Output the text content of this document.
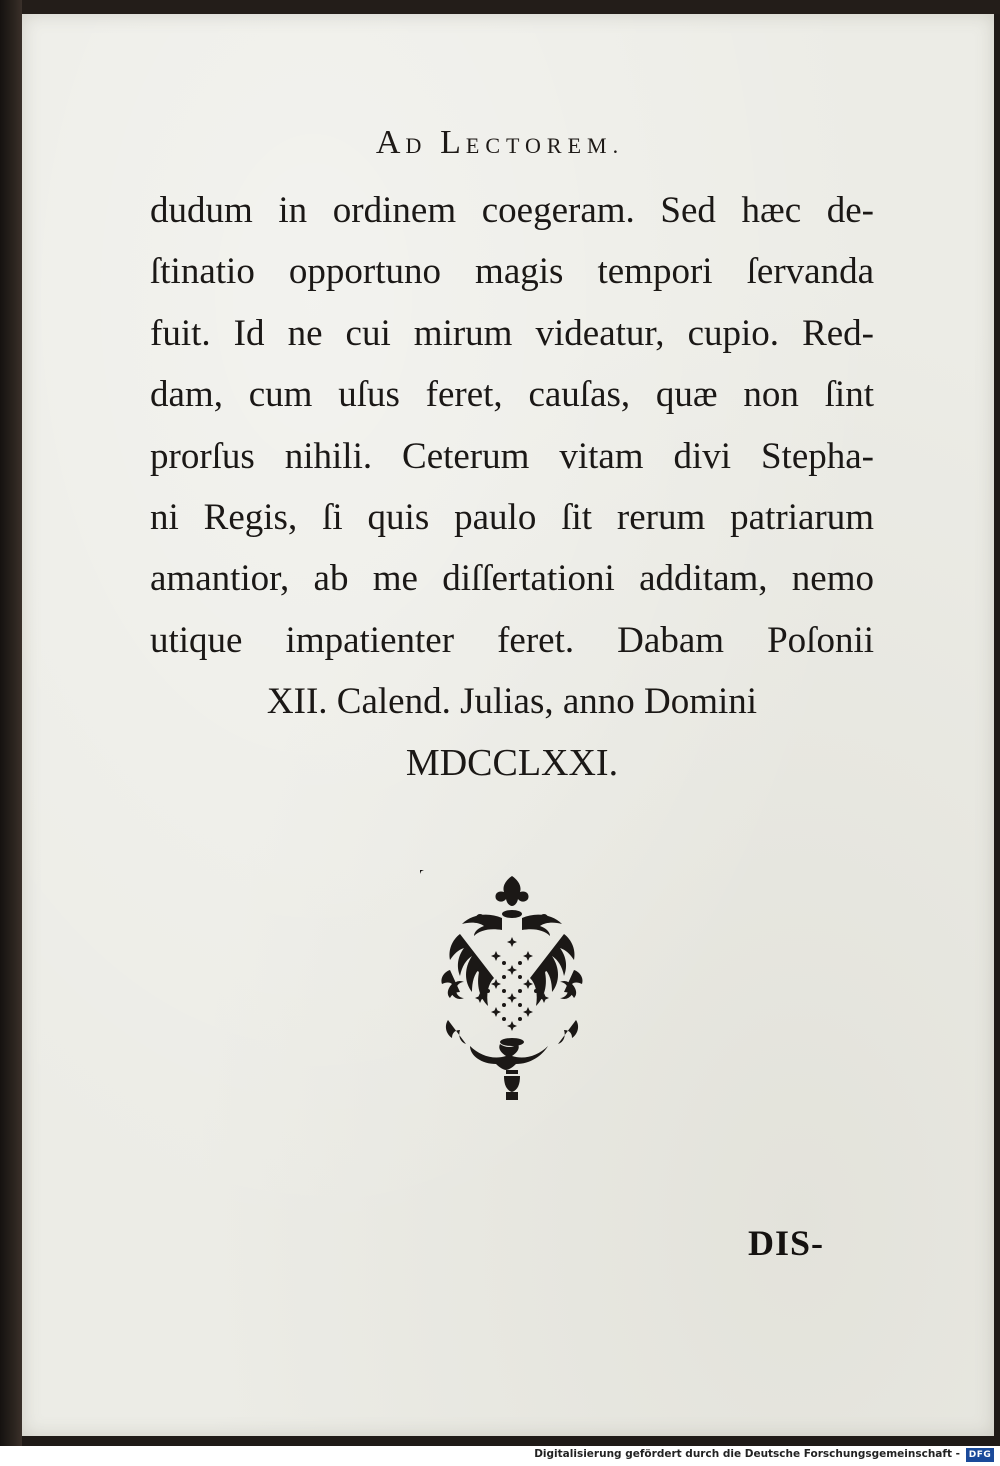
AD LECTOREM.
dudum in ordinem coegeram. Sed hæc de-
ſtinatio opportuno magis tempori ſervanda
fuit. Id ne cui mirum videatur, cupio. Red-
dam, cum uſus feret, cauſas, quæ non ſint
prorſus nihili. Ceterum vitam divi Stepha-
ni Regis, ſi quis paulo ſit rerum patriarum
amantior, ab me diſſertationi additam, nemo
utique impatienter feret. Dabam Poſonii
XII. Calend. Julias, anno Domini
MDCCLXXI.
DIS-
Digitalisierung gefördert durch die Deutsche Forschungsgemeinschaft - DFG
